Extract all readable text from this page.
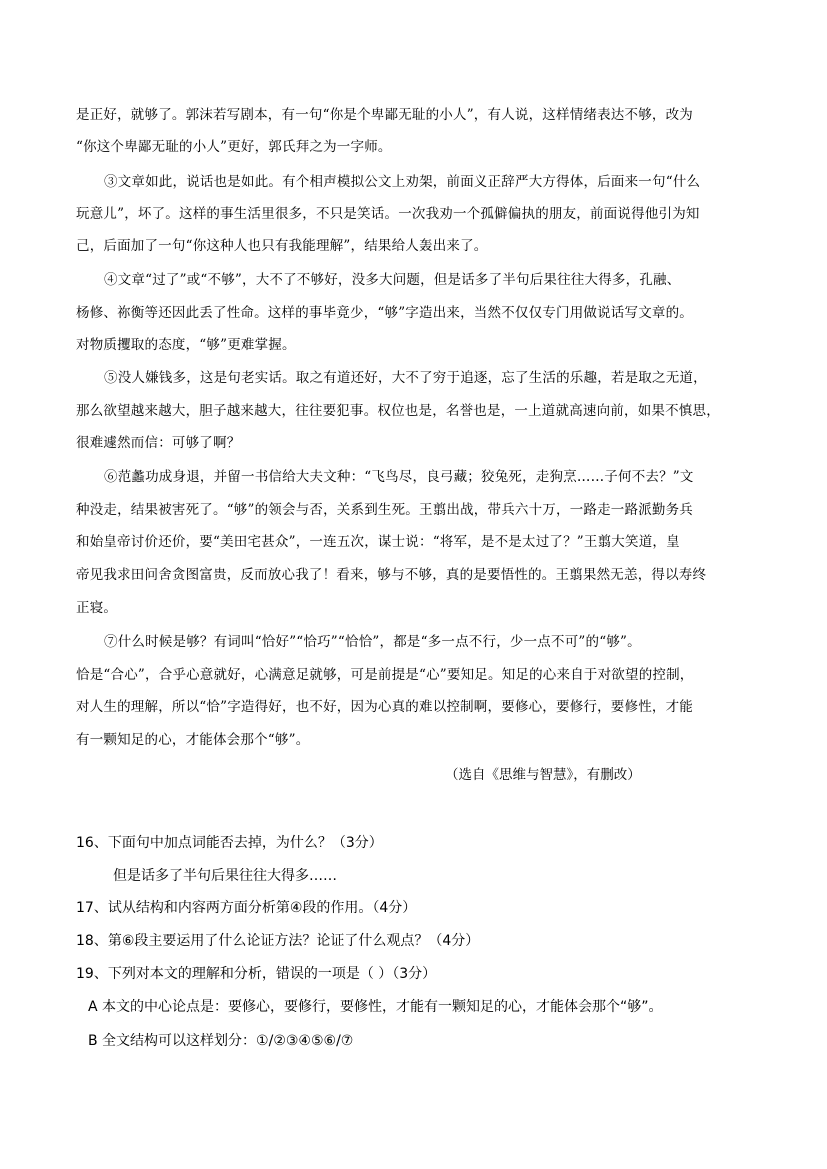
是正好，就够了。郭沫若写剧本，有一句“你是个卑鄙无耻的小人”，有人说，这样情绪表达不够，改为
“你这个卑鄙无耻的小人”更好，郭氏拜之为一字师。
③文章如此，说话也是如此。有个相声模拟公文上劝架，前面义正辞严大方得体，后面来一句“什么
玩意儿”，坏了。这样的事生活里很多，不只是笑话。一次我劝一个孤僻偏执的朋友，前面说得他引为知
己，后面加了一句“你这种人也只有我能理解”，结果给人轰出来了。
④文章“过了”或“不够”，大不了不够好，没多大问题，但是话多了半句后果往往大得多，孔融、
杨修、祢衡等还因此丢了性命。这样的事毕竟少，“够”字造出来，当然不仅仅专门用做说话写文章的。
对物质攫取的态度，“够”更难掌握。
⑤没人嫌钱多，这是句老实话。取之有道还好，大不了穷于追逐，忘了生活的乐趣，若是取之无道，
那么欲望越来越大，胆子越来越大，往往要犯事。权位也是，名誉也是，一上道就高速向前，如果不慎思，
很难遽然而信：可够了啊？
⑥范蠡功成身退，并留一书信给大夫文种：“飞鸟尽，良弓藏；狡兔死，走狗烹……子何不去？”文
种没走，结果被害死了。“够”的领会与否，关系到生死。王翦出战，带兵六十万，一路走一路派勤务兵
和始皇帝讨价还价，要“美田宅甚众”，一连五次，谋士说：“将军，是不是太过了？”王翦大笑道，皇
帝见我求田问舍贪图富贵，反而放心我了！看来，够与不够，真的是要悟性的。王翦果然无恙，得以寿终
正寝。
⑦什么时候是够？有词叫“恰好”“恰巧”“恰恰”，都是“多一点不行，少一点不可”的“够”。
恰是“合心”，合乎心意就好，心满意足就够，可是前提是“心”要知足。知足的心来自于对欲望的控制，
对人生的理解，所以“恰”字造得好，也不好，因为心真的难以控制啊，要修心，要修行，要修性，才能
有一颗知足的心，才能体会那个“够”。
（选自《思维与智慧》，有删改）
16、下面句中加点词能否去掉，为什么？（3分）
但是话多了半句后果往往大得多……
17、试从结构和内容两方面分析第④段的作用。（4分）
18、第⑥段主要运用了什么论证方法？论证了什么观点？（4分）
19、下列对本文的理解和分析，错误的一项是（ ）（3分）
A 本文的中心论点是：要修心，要修行，要修性，才能有一颗知足的心，才能体会那个“够”。
B 全文结构可以这样划分：①/②③④⑤⑥/⑦
